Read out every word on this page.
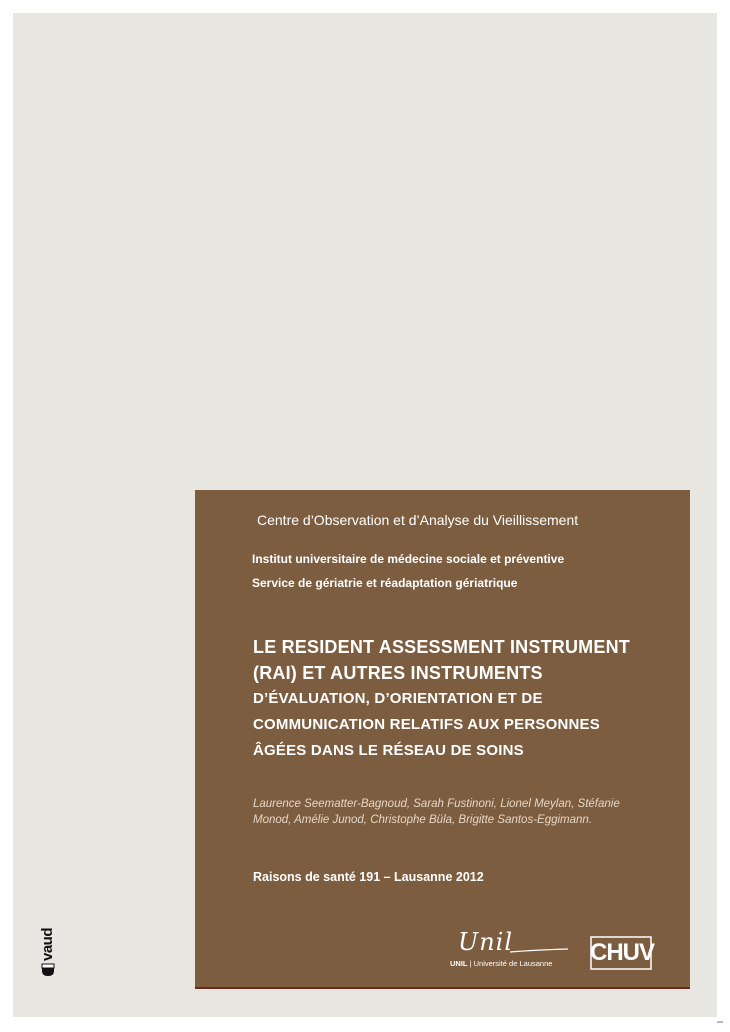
Centre d’Observation et d’Analyse du Vieillissement
Institut universitaire de médecine sociale et préventive
Service de gériatrie et réadaptation gériatrique
LE RESIDENT ASSESSMENT INSTRUMENT
(RAI) ET AUTRES INSTRUMENTS
D’ÉVALUATION, D’ORIENTATION ET DE
COMMUNICATION RELATIFS AUX PERSONNES
ÂGÉES DANS LE RÉSEAU DE SOINS
Laurence Seematter-Bagnoud, Sarah Fustinoni, Lionel Meylan, Stéfanie
Monod, Amélie Junod, Christophe Büla, Brigitte Santos-Eggimann.
Raisons de santé 191 – Lausanne 2012
Unil
UNIL | Université de Lausanne CHUV
vaud
